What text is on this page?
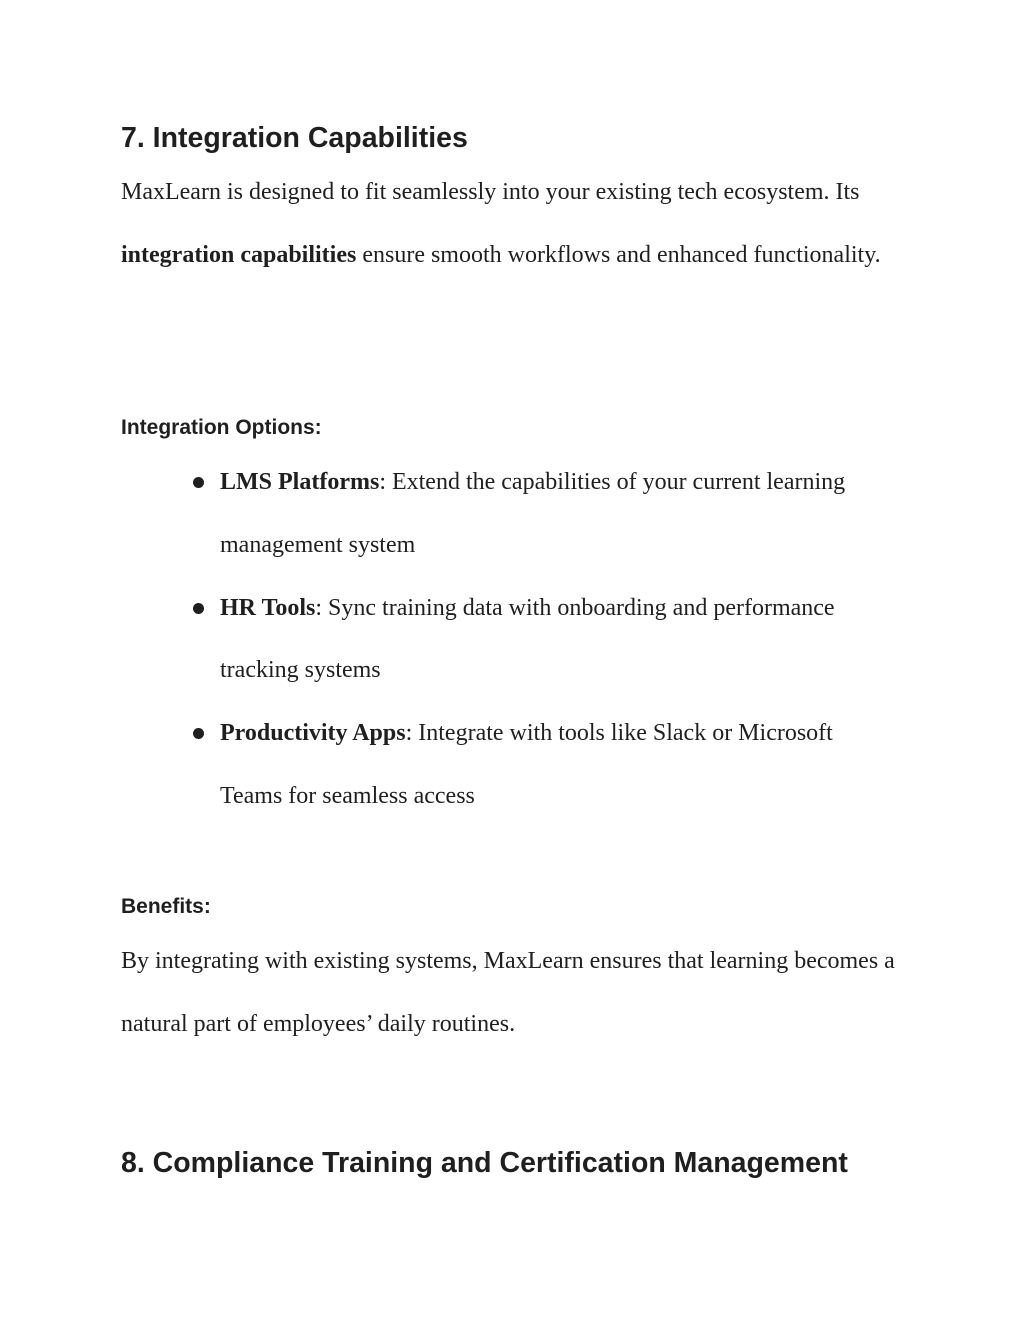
7. Integration Capabilities

MaxLearn is designed to fit seamlessly into your existing tech ecosystem. Its integration capabilities ensure smooth workflows and enhanced functionality.

Integration Options:
LMS Platforms: Extend the capabilities of your current learning management system
HR Tools: Sync training data with onboarding and performance tracking systems
Productivity Apps: Integrate with tools like Slack or Microsoft Teams for seamless access
Benefits:

By integrating with existing systems, MaxLearn ensures that learning becomes a natural part of employees’ daily routines.

8. Compliance Training and Certification Management
